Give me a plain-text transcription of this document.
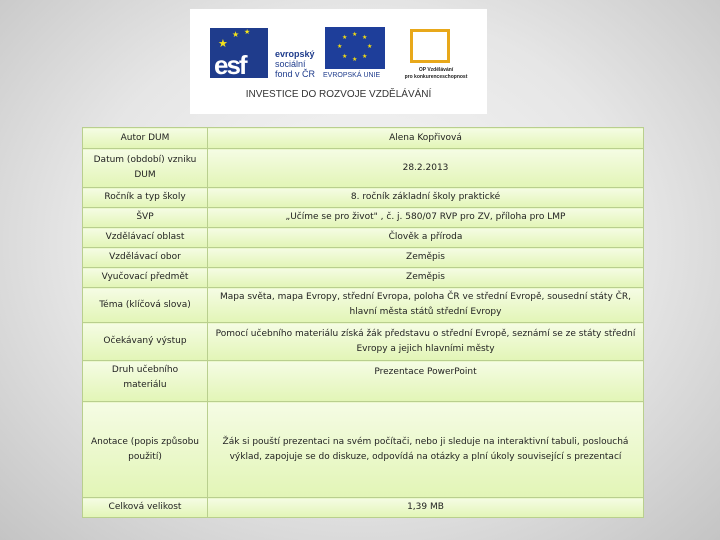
★
★ ★
esf	evropský
sociální
fond v ČR
★ ★
★
★
★
★
★
★
EVROPSKÁ UNIE
OP Vzdělávání
pro konkurenceschopnost
INVESTICE DO ROZVOJE VZDĚLÁVÁNÍ
Autor DUM	Alena Kopřivová
Datum (období) vzniku DUM	28.2.2013
Ročník a typ školy	8. ročník základní školy praktické
ŠVP	„Učíme se pro život" , č. j. 580/07 RVP pro ZV, příloha pro LMP
Vzdělávací oblast	Člověk a příroda
Vzdělávací obor	Zeměpis
Vyučovací předmět	Zeměpis
Téma (klíčová slova)	Mapa světa, mapa Evropy, střední Evropa, poloha ČR ve střední Evropě, sousední státy ČR, hlavní města států střední Evropy
Očekávaný výstup	Pomocí učebního materiálu získá žák představu o střední Evropě, seznámí se ze státy střední Evropy a jejich hlavními městy
Druh učebního materiálu	Prezentace PowerPoint
Anotace (popis způsobu použití)	Žák si pouští prezentaci na svém počítači, nebo ji sleduje na interaktivní tabuli, poslouchá výklad, zapojuje se do diskuze, odpovídá na otázky a plní úkoly související s prezentací
Celková velikost	1,39 MB
